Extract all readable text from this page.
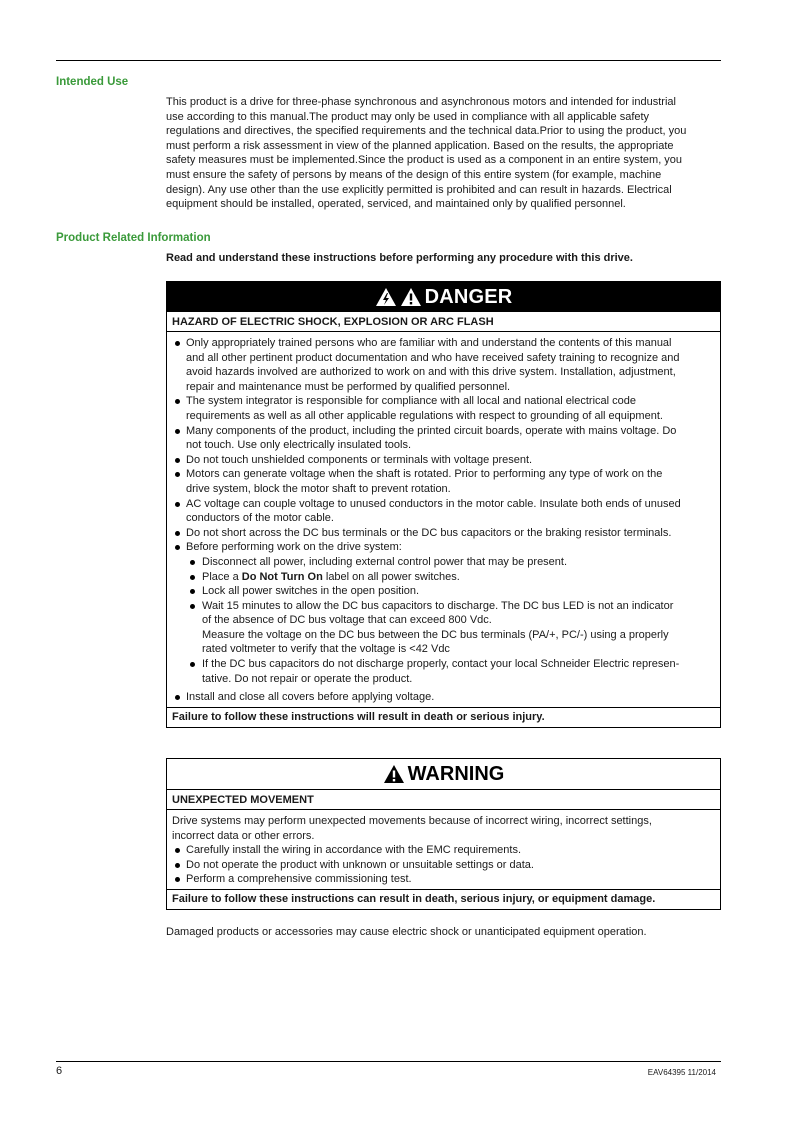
Intended Use
This product is a drive for three-phase synchronous and asynchronous motors and intended for industrial
use according to this manual.The product may only be used in compliance with all applicable safety
regulations and directives, the specified requirements and the technical data.Prior to using the product, you
must perform a risk assessment in view of the planned application. Based on the results, the appropriate
safety measures must be implemented.Since the product is used as a component in an entire system, you
must ensure the safety of persons by means of the design of this entire system (for example, machine
design). Any use other than the use explicitly permitted is prohibited and can result in hazards. Electrical
equipment should be installed, operated, serviced, and maintained only by qualified personnel.
Product Related Information
Read and understand these instructions before performing any procedure with this drive.
DANGER
HAZARD OF ELECTRIC SHOCK, EXPLOSION OR ARC FLASH
Only appropriately trained persons who are familiar with and understand the contents of this manual
and all other pertinent product documentation and who have received safety training to recognize and
avoid hazards involved are authorized to work on and with this drive system. Installation, adjustment,
repair and maintenance must be performed by qualified personnel.
The system integrator is responsible for compliance with all local and national electrical code
requirements as well as all other applicable regulations with respect to grounding of all equipment.
Many components of the product, including the printed circuit boards, operate with mains voltage. Do
not touch. Use only electrically insulated tools.
Do not touch unshielded components or terminals with voltage present.
Motors can generate voltage when the shaft is rotated. Prior to performing any type of work on the
drive system, block the motor shaft to prevent rotation.
AC voltage can couple voltage to unused conductors in the motor cable. Insulate both ends of unused
conductors of the motor cable.
Do not short across the DC bus terminals or the DC bus capacitors or the braking resistor terminals.
Before performing work on the drive system:
Disconnect all power, including external control power that may be present.
Place a Do Not Turn On label on all power switches.
Lock all power switches in the open position.
Wait 15 minutes to allow the DC bus capacitors to discharge. The DC bus LED is not an indicator
of the absence of DC bus voltage that can exceed 800 Vdc.
Measure the voltage on the DC bus between the DC bus terminals (PA/+, PC/-) using a properly
rated voltmeter to verify that the voltage is <42 Vdc
If the DC bus capacitors do not discharge properly, contact your local Schneider Electric represen-
tative. Do not repair or operate the product.
Install and close all covers before applying voltage.
Failure to follow these instructions will result in death or serious injury.
WARNING
UNEXPECTED MOVEMENT
Drive systems may perform unexpected movements because of incorrect wiring, incorrect settings,
incorrect data or other errors.
Carefully install the wiring in accordance with the EMC requirements.
Do not operate the product with unknown or unsuitable settings or data.
Perform a comprehensive commissioning test.
Failure to follow these instructions can result in death, serious injury, or equipment damage.
Damaged products or accessories may cause electric shock or unanticipated equipment operation.
6	EAV64395 11/2014
